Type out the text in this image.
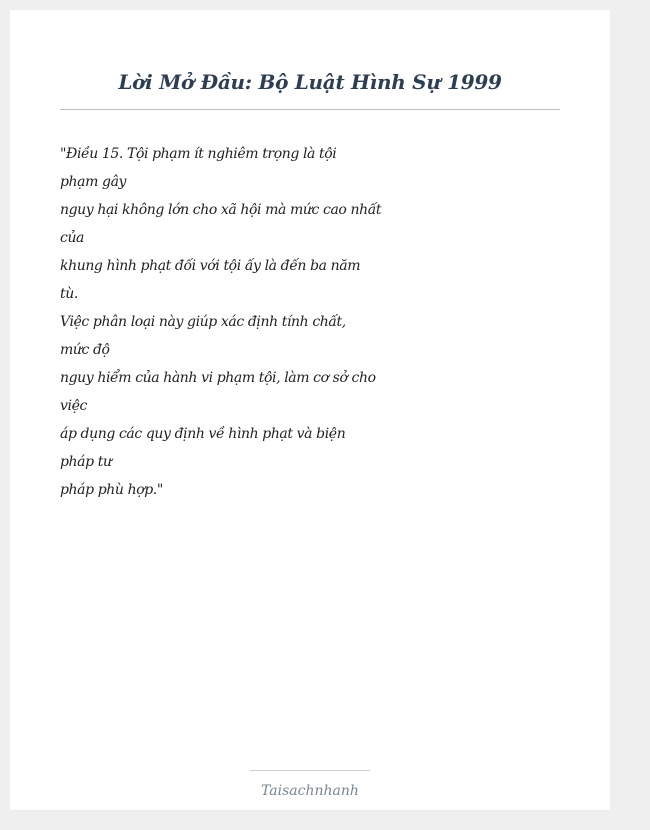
Lời Mở Đầu: Bộ Luật Hình Sự 1999
"Điều 15. Tội phạm ít nghiêm trọng là tội
phạm gây
nguy hại không lớn cho xã hội mà mức cao nhất
của
khung hình phạt đối với tội ấy là đến ba năm
tù.
Việc phân loại này giúp xác định tính chất,
mức độ
nguy hiểm của hành vi phạm tội, làm cơ sở cho
việc
áp dụng các quy định về hình phạt và biện
pháp tư
pháp phù hợp."
Taisachnhanh
